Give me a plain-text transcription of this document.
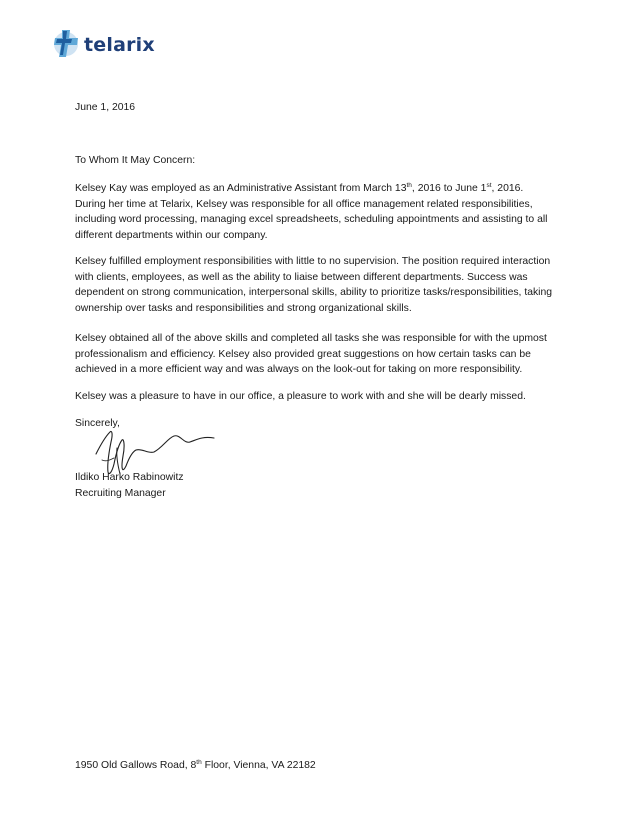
telarix

June 1, 2016

To Whom It May Concern:

Kelsey Kay was employed as an Administrative Assistant from March 13th, 2016 to June 1st, 2016. During her time at Telarix, Kelsey was responsible for all office management related responsibilities, including word processing, managing excel spreadsheets, scheduling appointments and assisting to all different departments within our company.

Kelsey fulfilled employment responsibilities with little to no supervision. The position required interaction with clients, employees, as well as the ability to liaise between different departments. Success was dependent on strong communication, interpersonal skills, ability to prioritize tasks/responsibilities, taking ownership over tasks and responsibilities and strong organizational skills.

Kelsey obtained all of the above skills and completed all tasks she was responsible for with the upmost professionalism and efficiency. Kelsey also provided great suggestions on how certain tasks can be achieved in a more efficient way and was always on the look-out for taking on more responsibility.

Kelsey was a pleasure to have in our office, a pleasure to work with and she will be dearly missed.

Sincerely,

Ildiko Harko Rabinowitz
Recruiting Manager

1950 Old Gallows Road, 8th Floor, Vienna, VA 22182
